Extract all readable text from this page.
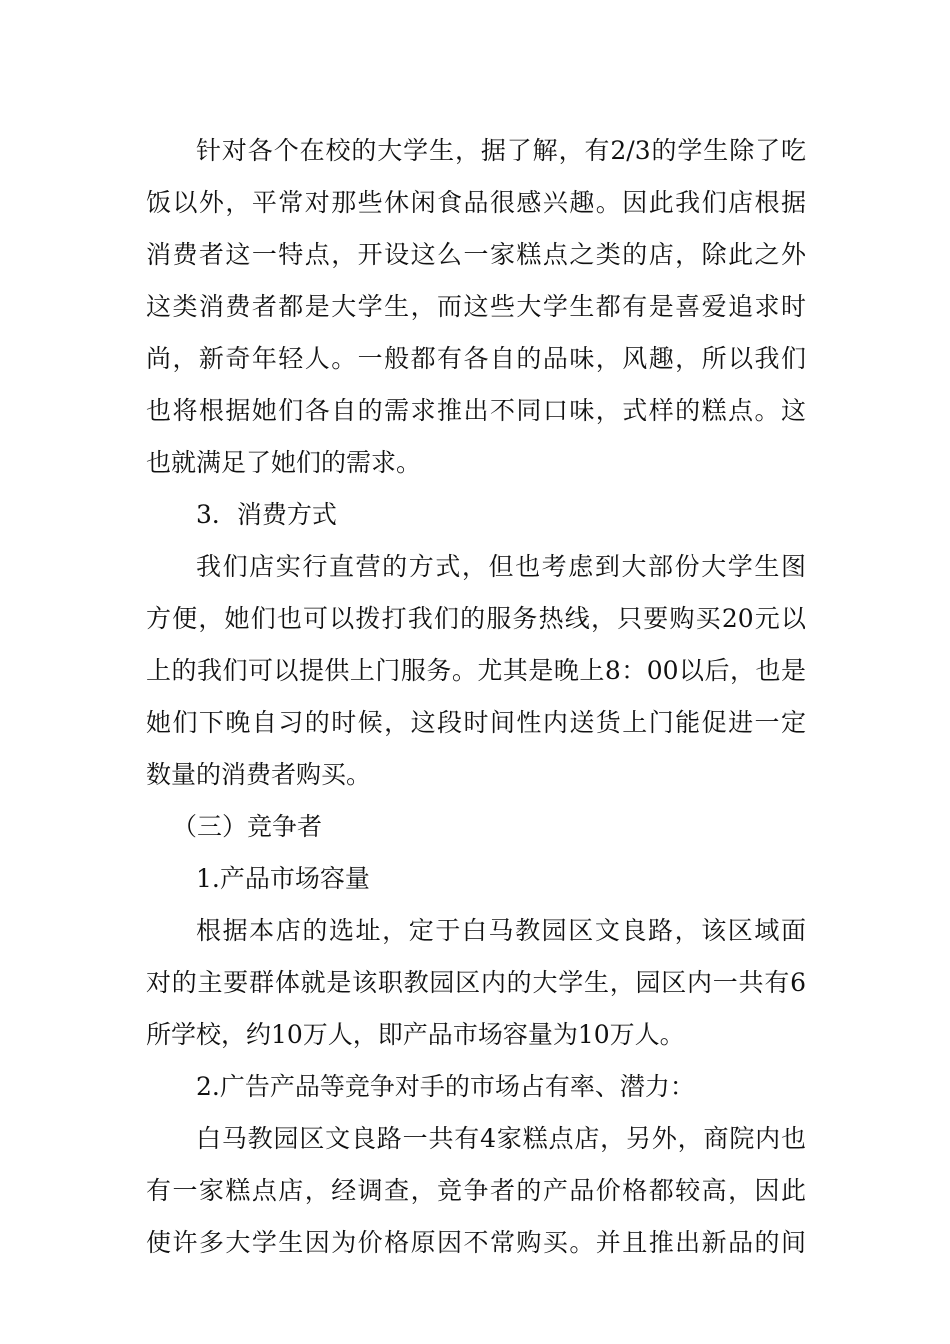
针对各个在校的大学生，据了解，有2/3的学生除了吃
饭以外，平常对那些休闲食品很感兴趣。因此我们店根据
消费者这一特点，开设这么一家糕点之类的店，除此之外
这类消费者都是大学生，而这些大学生都有是喜爱追求时
尚，新奇年轻人。一般都有各自的品味，风趣，所以我们
也将根据她们各自的需求推出不同口味，式样的糕点。这
也就满足了她们的需求。
3．消费方式
我们店实行直营的方式，但也考虑到大部份大学生图
方便，她们也可以拨打我们的服务热线，只要购买20元以
上的我们可以提供上门服务。尤其是晚上8：00以后，也是
她们下晚自习的时候，这段时间性内送货上门能促进一定
数量的消费者购买。
（三）竞争者
1.产品市场容量
根据本店的选址，定于白马教园区文良路，该区域面
对的主要群体就是该职教园区内的大学生，园区内一共有6
所学校，约10万人，即产品市场容量为10万人。
2.广告产品等竞争对手的市场占有率、潜力：
白马教园区文良路一共有4家糕点店，另外，商院内也
有一家糕点店，经调查，竞争者的产品价格都较高，因此
使许多大学生因为价格原因不常购买。并且推出新品的间
